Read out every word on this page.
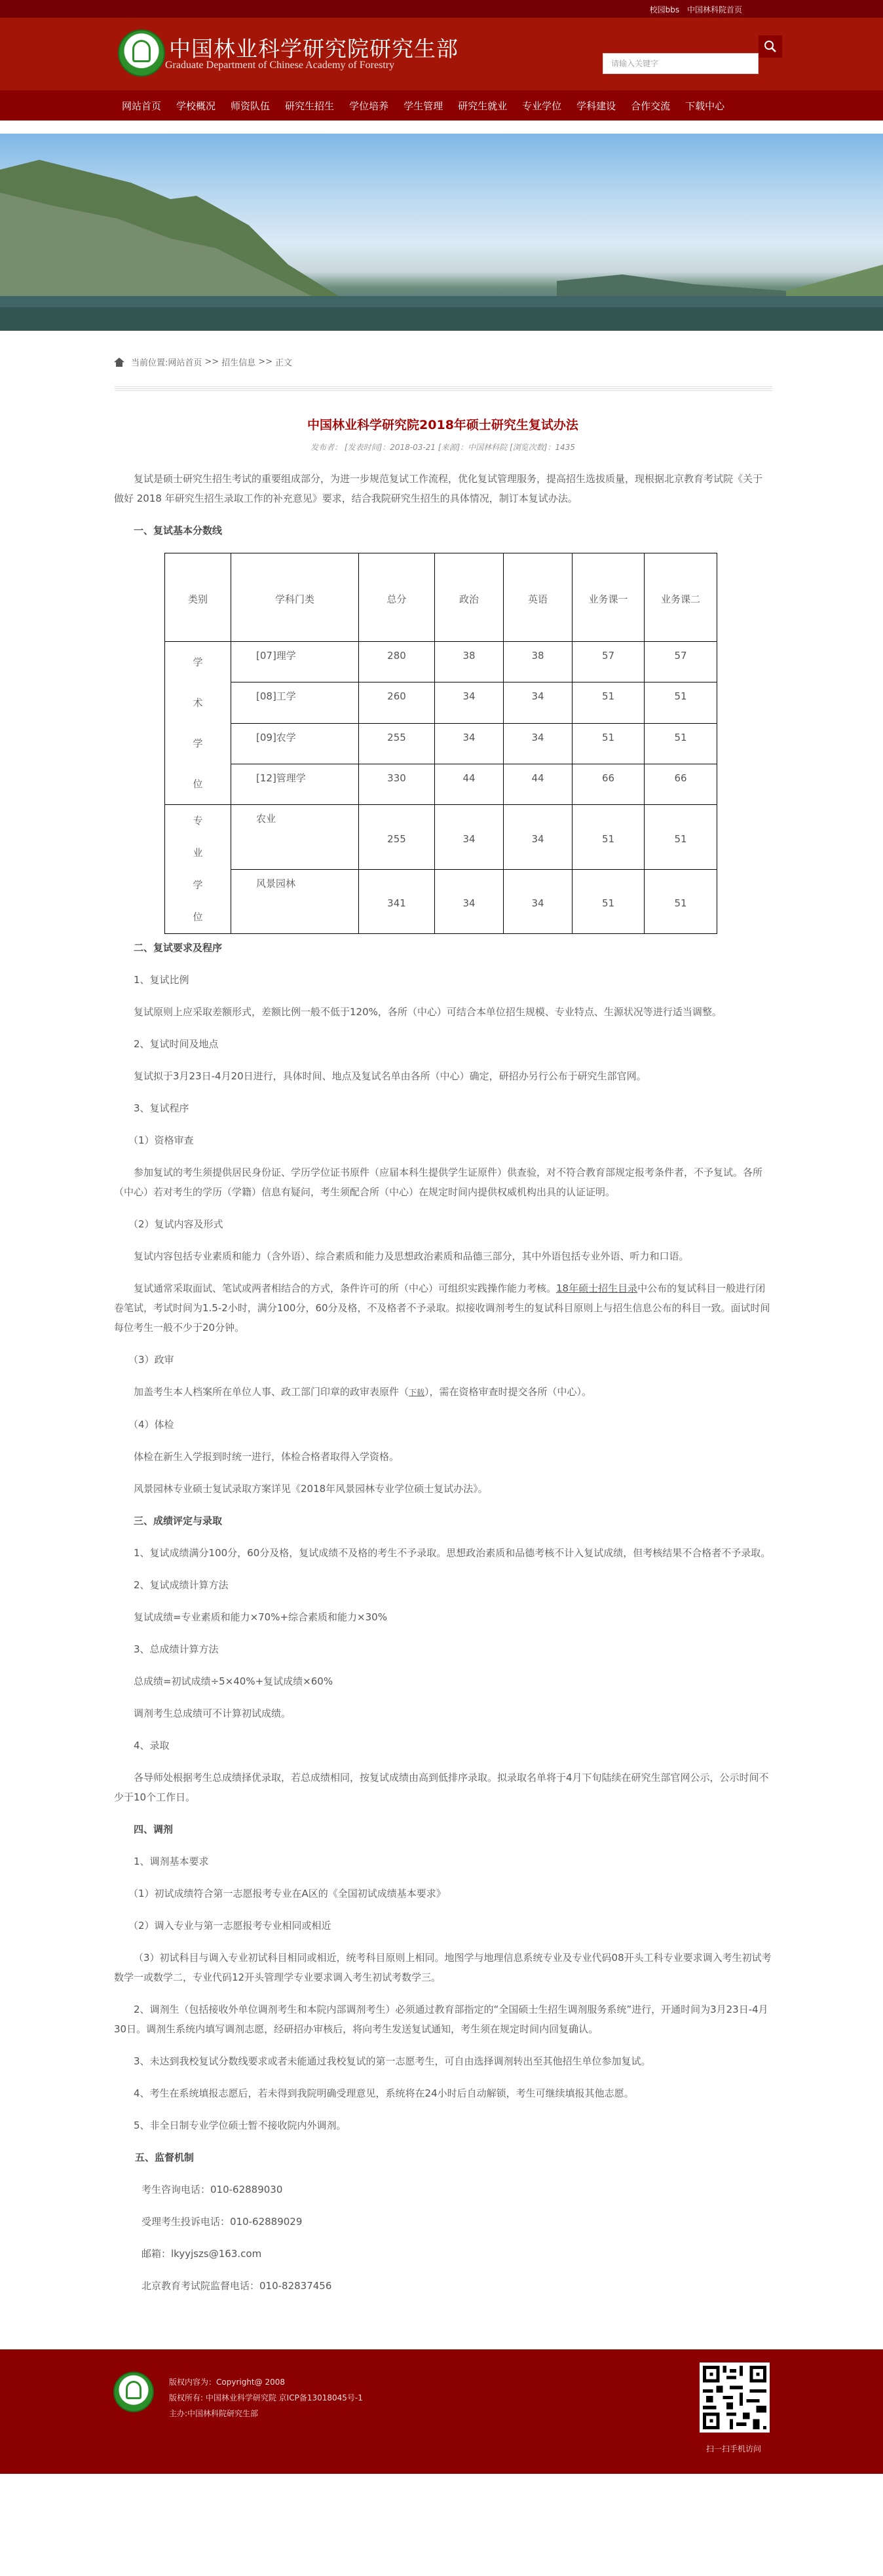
校园bbs 中国林科院首页
中国林业科学研究院研究生部
Graduate Department of Chinese Academy of Forestry	请输入关键字
网站首页 学校概况 师资队伍 研究生招生 学位培养 学生管理 研究生就业 专业学位 学科建设 合作交流 下载中心
当前位置: 网站首页 >> 招生信息 >> 正文
中国林业科学研究院2018年硕士研究生复试办法
发布者： [发表时间]：2018-03-21 [来源]：中国林科院 [浏览次数]：1435

复试是硕士研究生招生考试的重要组成部分，为进一步规范复试工作流程，优化复试管理服务，提高招生选拔质量，现根据北京教育考试院《关于做好 2018 年研究生招生录取工作的补充意见》要求，结合我院研究生招生的具体情况，制订本复试办法。

一、复试基本分数线

类别	学科门类	总分	政治	英语	业务课一	业务课二
学术学位	[07]理学	280	38	38	57	57
	[08]工学	260	34	34	51	51
	[09]农学	255	34	34	51	51
	[12]管理学	330	44	44	66	66
专业学位	农业	255	34	34	51	51
	风景园林	341	34	34	51	51

二、复试要求及程序

1、复试比例

复试原则上应采取差额形式，差额比例一般不低于120%，各所（中心）可结合本单位招生规模、专业特点、生源状况等进行适当调整。

2、复试时间及地点

复试拟于3月23日-4月20日进行，具体时间、地点及复试名单由各所（中心）确定，研招办另行公布于研究生部官网。

3、复试程序

（1）资格审查

参加复试的考生须提供居民身份证、学历学位证书原件（应届本科生提供学生证原件）供查验，对不符合教育部规定报考条件者，不予复试。各所（中心）若对考生的学历（学籍）信息有疑问，考生须配合所（中心）在规定时间内提供权威机构出具的认证证明。

（2）复试内容及形式

复试内容包括专业素质和能力（含外语）、综合素质和能力及思想政治素质和品德三部分，其中外语包括专业外语、听力和口语。

复试通常采取面试、笔试或两者相结合的方式，条件许可的所（中心）可组织实践操作能力考核。18年硕士招生目录中公布的复试科目一般进行闭卷笔试，考试时间为1.5-2小时，满分100分，60分及格，不及格者不予录取。拟接收调剂考生的复试科目原则上与招生信息公布的科目一致。面试时间每位考生一般不少于20分钟。

（3）政审

加盖考生本人档案所在单位人事、政工部门印章的政审表原件（下载），需在资格审查时提交各所（中心）。

（4）体检

体检在新生入学报到时统一进行，体检合格者取得入学资格。

风景园林专业硕士复试录取方案详见《2018年风景园林专业学位硕士复试办法》。

三、成绩评定与录取

1、复试成绩满分100分，60分及格，复试成绩不及格的考生不予录取。思想政治素质和品德考核不计入复试成绩，但考核结果不合格者不予录取。

2、复试成绩计算方法

复试成绩=专业素质和能力×70%+综合素质和能力×30%

3、总成绩计算方法

总成绩=初试成绩÷5×40%+复试成绩×60%

调剂考生总成绩可不计算初试成绩。

4、录取

各导师处根据考生总成绩择优录取，若总成绩相同，按复试成绩由高到低排序录取。拟录取名单将于4月下旬陆续在研究生部官网公示，公示时间不少于10个工作日。

四、调剂

1、调剂基本要求

（1）初试成绩符合第一志愿报考专业在A区的《全国初试成绩基本要求》

（2）调入专业与第一志愿报考专业相同或相近

（3）初试科目与调入专业初试科目相同或相近，统考科目原则上相同。地图学与地理信息系统专业及专业代码08开头工科专业要求调入考生初试考数学一或数学二，专业代码12开头管理学专业要求调入考生初试考数学三。

2、调剂生（包括接收外单位调剂考生和本院内部调剂考生）必须通过教育部指定的“全国硕士生招生调剂服务系统”进行，开通时间为3月23日-4月30日。调剂生系统内填写调剂志愿，经研招办审核后，将向考生发送复试通知，考生须在规定时间内回复确认。

3、未达到我校复试分数线要求或者未能通过我校复试的第一志愿考生，可自由选择调剂转出至其他招生单位参加复试。

4、考生在系统填报志愿后，若未得到我院明确受理意见，系统将在24小时后自动解锁，考生可继续填报其他志愿。

5、非全日制专业学位硕士暂不接收院内外调剂。

五、监督机制

考生咨询电话：010-62889030

受理考生投诉电话：010-62889029

邮箱：lkyyjszs@163.com

北京教育考试院监督电话：010-82837456

版权内容为：Copyright@ 2008
版权所有: 中国林业科学研究院 京ICP备13018045号-1
主办:中国林科院研究生部
扫一扫手机访问
